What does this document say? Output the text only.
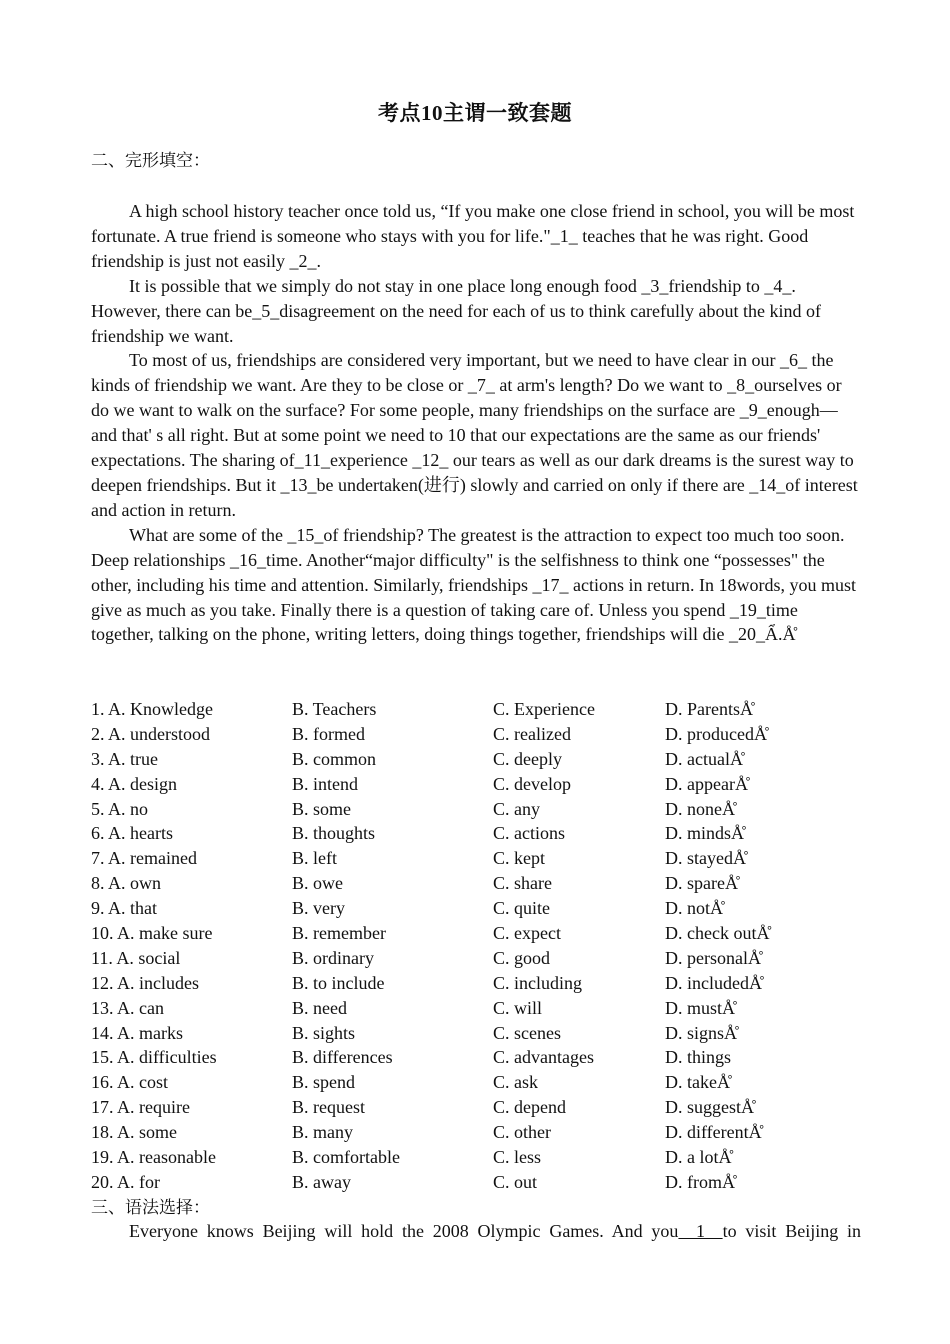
考点10主谓一致套题
二、完形填空：

A high school history teacher once told us, “If you make one close friend in school, you will be most fortunate. A true friend is someone who stays with you for life."_1_ teaches that he was right. Good friendship is just not easily _2_.

It is possible that we simply do not stay in one place long enough food _3_friendship to _4_. However, there can be_5_disagreement on the need for each of us to think carefully about the kind of friendship we want.

To most of us, friendships are considered very important, but we need to have clear in our _6_ the kinds of friendship we want. Are they to be close or _7_ at arm's length? Do we want to _8_ourselves or do we want to walk on the surface? For some people, many friendships on the surface are _9_enough—and that' s all right. But at some point we need to 10 that our expectations are the same as our friends' expectations. The sharing of_11_experience _12_ our tears as well as our dark dreams is the surest way to deepen friendships. But it _13_be undertaken(进行) slowly and carried on only if there are _14_of interest and action in return.

What are some of the _15_of friendship? The greatest is the attraction to expect too much too soon. Deep relationships _16_time. Another“major difficulty" is the selfishness to think one “possesses" the other, including his time and attention. Similarly, friendships _17_ actions in return. In 18words, you must give as much as you take. Finally there is a question of taking care of. Unless you spend _19_time together, talking on the phone, writing letters, doing things together, friendships will die _20_Ẩ.Å̊

1. A. Knowledge	B. Teachers	C. Experience	D. ParentsÅ̊
2. A. understood	B. formed	C. realized	D. producedÅ̊
3. A. true	B. common	C. deeply	D. actualÅ̊
4. A. design	B. intend	C. develop	D. appearÅ̊
5. A. no	B. some	C. any	D. noneÅ̊
6. A. hearts	B. thoughts	C. actions	D. mindsÅ̊
7. A. remained	B. left	C. kept	D. stayedÅ̊
8. A. own	B. owe	C. share	D. spareÅ̊
9. A. that	B. very	C. quite	D. notÅ̊
10. A. make sure	B. remember	C. expect	D. check outÅ̊
11. A. social	B. ordinary	C. good	D. personalÅ̊
12. A. includes	B. to include	C. including	D. includedÅ̊
13. A. can	B. need	C. will	D. mustÅ̊
14. A. marks	B. sights	C. scenes	D. signsÅ̊
15. A. difficulties	B. differences	C. advantages	D. things
16. A. cost	B. spend	C. ask	D. takeÅ̊
17. A. require	B. request	C. depend	D. suggestÅ̊
18. A. some	B. many	C. other	D. differentÅ̊
19. A. reasonable	B. comfortable	C. less	D. a lotÅ̊
20. A. for	B. away	C. out	D. fromÅ̊
三、语法选择：
Everyone knows Beijing will hold the 2008 Olympic Games. And you  1  to visit Beijing in
